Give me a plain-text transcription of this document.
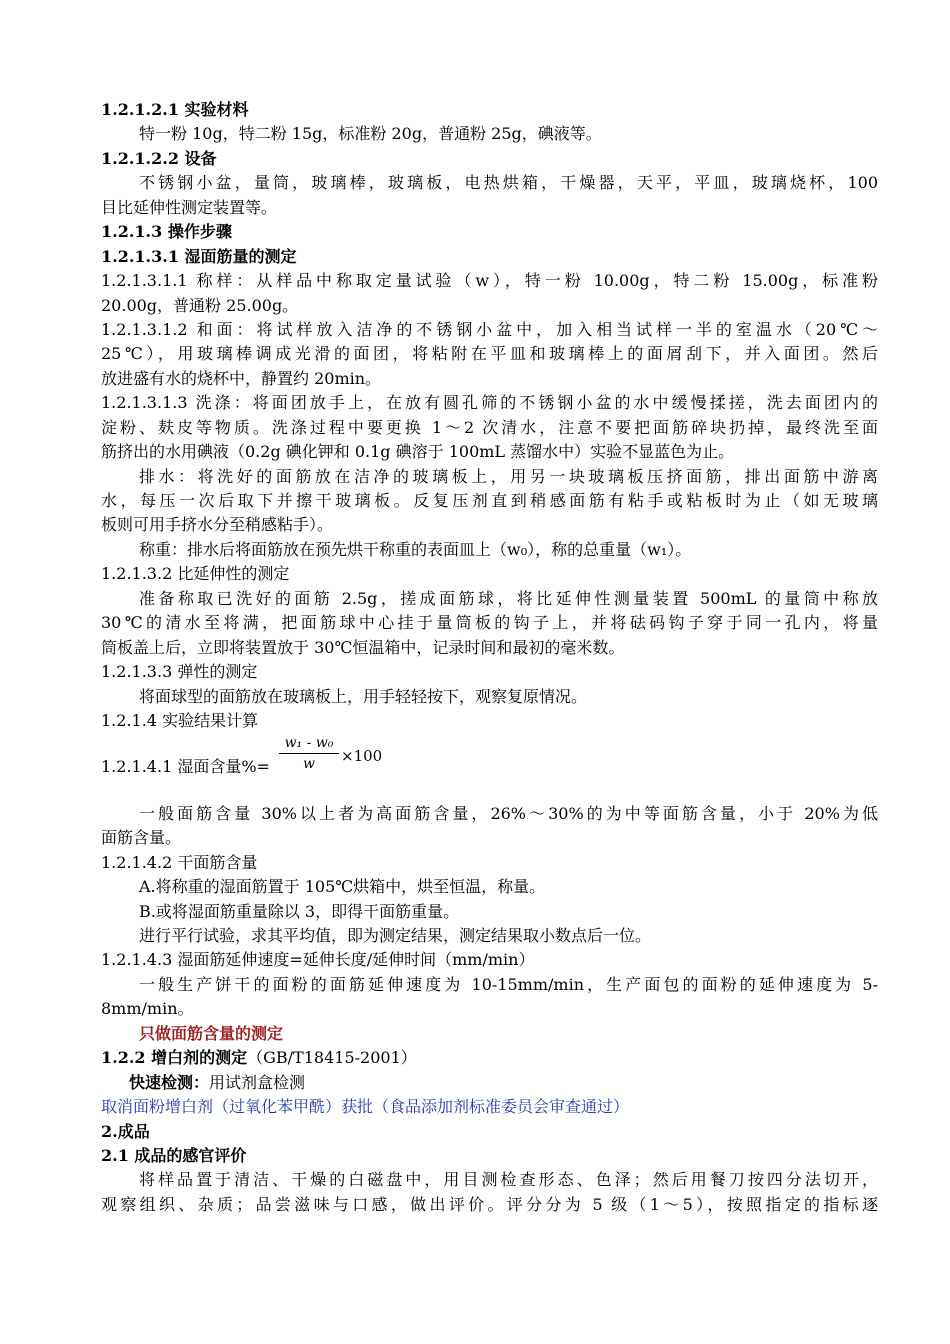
1.2.1.2.1 实验材料
特一粉 10g，特二粉 15g，标准粉 20g，普通粉 25g，碘液等。
1.2.1.2.2 设备
不锈钢小盆，量筒，玻璃棒，玻璃板，电热烘箱，干燥器，天平，平皿，玻璃烧杯，100
目比延伸性测定装置等。
1.2.1.3 操作步骤
1.2.1.3.1 湿面筋量的测定
1.2.1.3.1.1 称样：从样品中称取定量试验（w），特一粉 10.00g，特二粉 15.00g，标准粉
20.00g，普通粉 25.00g。
1.2.1.3.1.2 和面：将试样放入洁净的不锈钢小盆中，加入相当试样一半的室温水（20℃～
25℃），用玻璃棒调成光滑的面团，将粘附在平皿和玻璃棒上的面屑刮下，并入面团。然后
放进盛有水的烧杯中，静置约 20min。
1.2.1.3.1.3 洗涤：将面团放手上，在放有圆孔筛的不锈钢小盆的水中缓慢揉搓，洗去面团内的
淀粉、麸皮等物质。洗涤过程中要更换 1～2 次清水，注意不要把面筋碎块扔掉，最终洗至面
筋挤出的水用碘液（0.2g 碘化钾和 0.1g 碘溶于 100mL 蒸馏水中）实验不显蓝色为止。
排水：将洗好的面筋放在洁净的玻璃板上，用另一块玻璃板压挤面筋，排出面筋中游离
水，每压一次后取下并擦干玻璃板。反复压剂直到稍感面筋有粘手或粘板时为止（如无玻璃
板则可用手挤水分至稍感粘手）。
称重：排水后将面筋放在预先烘干称重的表面皿上（w₀），称的总重量（w₁）。
1.2.1.3.2 比延伸性的测定
准备称取已洗好的面筋 2.5g，搓成面筋球，将比延伸性测量装置 500mL 的量筒中称放
30℃的清水至将满，把面筋球中心挂于量筒板的钩子上，并将砝码钩子穿于同一孔内，将量
筒板盖上后，立即将装置放于 30℃恒温箱中，记录时间和最初的毫米数。
1.2.1.3.3 弹性的测定
将面球型的面筋放在玻璃板上，用手轻轻按下，观察复原情况。
1.2.1.4 实验结果计算
1.2.1.4.1 湿面含量%= $\frac{\text{w₁ - w₀}}{w} \times 100$
一般面筋含量 30%以上者为高面筋含量，26%～30%的为中等面筋含量，小于 20%为低
面筋含量。
1.2.1.4.2 干面筋含量
A.将称重的湿面筋置于 105℃烘箱中，烘至恒温，称量。
B.或将湿面筋重量除以 3，即得干面筋重量。
进行平行试验，求其平均值，即为测定结果，测定结果取小数点后一位。
1.2.1.4.3 湿面筋延伸速度=延伸长度/延伸时间（mm/min）
一般生产饼干的面粉的面筋延伸速度为 10-15mm/min，生产面包的面粉的延伸速度为 5-
8mm/min。
只做面筋含量的测定
1.2.2 增白剂的测定（GB/T18415-2001）
快速检测：用试剂盒检测
取消面粉增白剂（过氧化苯甲酰）获批（食品添加剂标准委员会审查通过）
2.成品
2.1 成品的感官评价
将样品置于清洁、干燥的白磁盘中，用目测检查形态、色泽；然后用餐刀按四分法切开，
观察组织、杂质；品尝滋味与口感，做出评价。评分分为 5 级（1～5），按照指定的指标逐
